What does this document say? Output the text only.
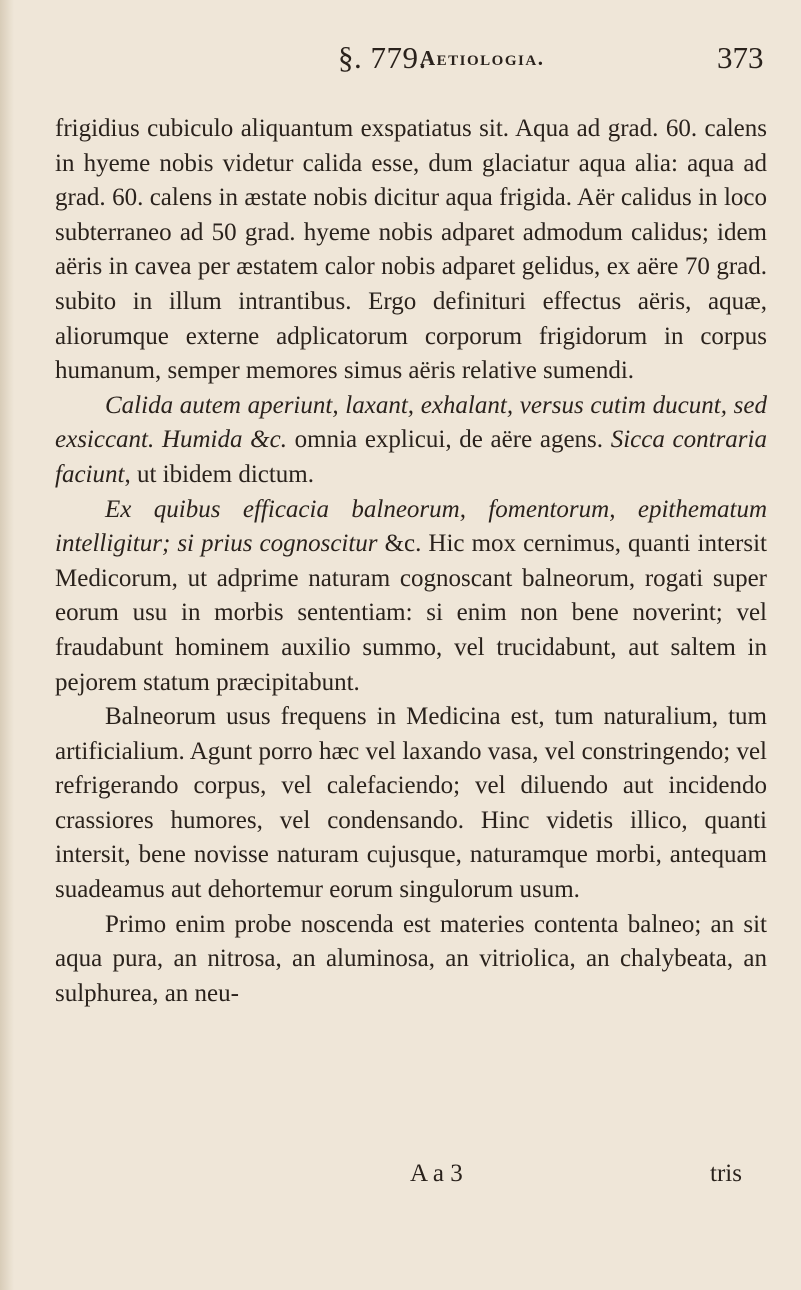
§. 779.
Aetiologia.	373

frigidius cubiculo aliquantum exspatiatus sit. Aqua ad grad. 60. calens in hyeme nobis videtur calida esse, dum glaciatur aqua alia: aqua ad grad. 60. calens in æstate nobis dicitur aqua frigida. Aër calidus in loco subterraneo ad 50 grad. hyeme nobis adparet admodum calidus; idem aëris in cavea per æstatem calor nobis adparet gelidus, ex aëre 70 grad. subito in illum intrantibus. Ergo definituri effectus aëris, aquæ, aliorumque externe adplicatorum corporum frigidorum in corpus humanum, semper memores simus aëris relative sumendi.

Calida autem aperiunt, laxant, exhalant, versus cutim ducunt, sed exsiccant. Humida &c. omnia explicui, de aëre agens. Sicca contraria faciunt, ut ibidem dictum.

Ex quibus efficacia balneorum, fomentorum, epithematum intelligitur; si prius cognoscitur &c. Hic mox cernimus, quanti intersit Medicorum, ut adprime naturam cognoscant balneorum, rogati super eorum usu in morbis sententiam: si enim non bene noverint; vel fraudabunt hominem auxilio summo, vel trucidabunt, aut saltem in pejorem statum præcipitabunt.

Balneorum usus frequens in Medicina est, tum naturalium, tum artificialium. Agunt porro hæc vel laxando vasa, vel constringendo; vel refrigerando corpus, vel calefaciendo; vel diluendo aut incidendo crassiores humores, vel condensando. Hinc videtis illico, quanti intersit, bene novisse naturam cujusque, naturamque morbi, antequam suadeamus aut dehortemur eorum singulorum usum.

Primo enim probe noscenda est materies contenta balneo; an sit aqua pura, an nitrosa, an aluminosa, an vitriolica, an chalybeata, an sulphurea, an neu-

A a 3	tris
